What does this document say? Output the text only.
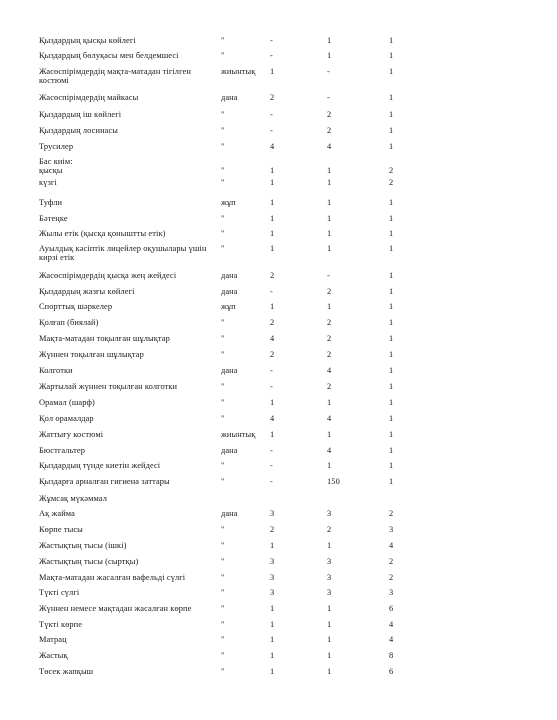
Қыздардың қысқы көйлегі	"	-	1	1
Қыздардың бөлуқасы мен белдемшесі	"	-	1	1
Жасөспірімдердің мақта-матадан тігілген костюмі
жиынтық 1	-	1
Жасөспірімдердің майкасы	дана	2	-	1
Қыздардың іш көйлегі	"	-	2	1
Қыздардың лосинасы	"	-	2	1
Трусилер	"	4	4	1
Бас киім:
қысқы	"	1	1	2
күзгі	"	1	1	2
Туфли	жұп	1	1	1
Бәтеңке	"	1	1	1
Жылы етік (қысқа қоныштты етік)	"	1	1	1
Ауылдық кәсіптік лицейлер оқушылары үшін кирзі етік
"	1	1	1
Жасөспірімдердің қысқа жең жейдесі	дана	2	-	1
Қыздардың жазғы көйлегі	дана	-	2	1
Спорттық шәркелер	жұп	1	1	1
Қолғап (биялай)	"	2	2	1
Мақта-матадан тоқылған шұлықтар	"	4	2	1
Жүннен тоқылған шұлықтар	"	2	2	1
Колготки	дана	-	4	1
Жартылай жүннен тоқылған колготки	"	-	2	1
Орамал (шарф)	"	1	1	1
Қол орамалдар	"	4	4	1
Жаттығу костюмі	жиынтық 1	1	1
Бюстгальтер	дана	-	4	1
Қыздардың түнде киетін жейдесі	"	-	1	1
Қыздарға арналған гигиена заттары	"	-	150	1
Жұмсақ мүкәммал
Ақ жайма	дана	3	3	2
Көрпе тысы	"	2	2	3
Жастықтың тысы (ішкі)	"	1	1	4
Жастықтың тысы (сыртқы)	"	3	3	2
Мақта-матадан жасалған вафельді сүлгі	"	3	3	2
Түкті сүлгі	"	3	3	3
Жүннен немесе мақтадан жасалған көрпе	"	1	1	6
Түкті көрпе	"	1	1	4
Матрац	"	1	1	4
Жастық	"	1	1	8
Төсек жапқыш	"	1	1	6
